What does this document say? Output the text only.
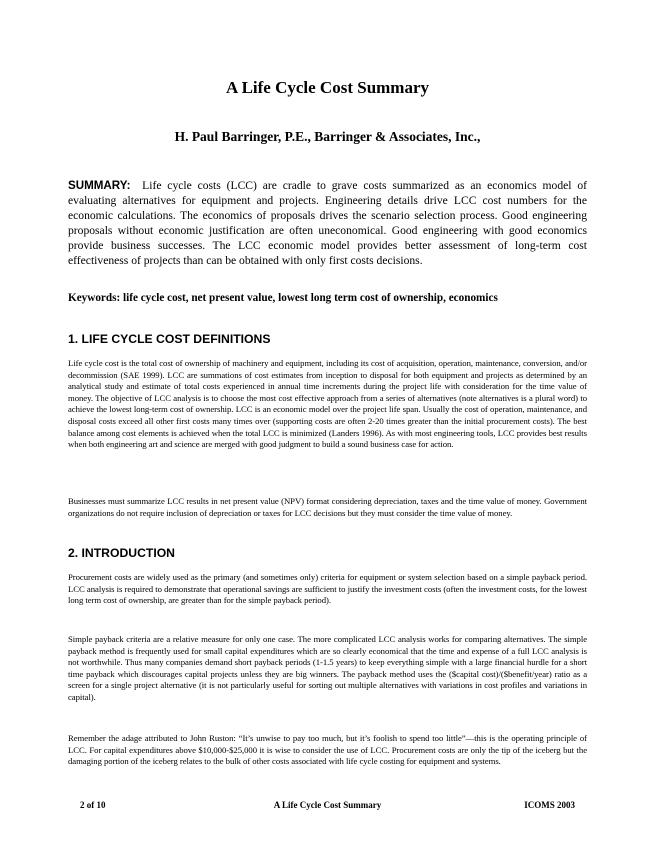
A Life Cycle Cost Summary
H. Paul Barringer, P.E., Barringer & Associates, Inc.,

SUMMARY: Life cycle costs (LCC) are cradle to grave costs summarized as an economics model of evaluating alternatives for equipment and projects. Engineering details drive LCC cost numbers for the economic calculations. The economics of proposals drives the scenario selection process. Good engineering proposals without economic justification are often uneconomical. Good engineering with good economics provide business successes. The LCC economic model provides better assessment of long-term cost effectiveness of projects than can be obtained with only first costs decisions.

Keywords: life cycle cost, net present value, lowest long term cost of ownership, economics

1. LIFE CYCLE COST DEFINITIONS

Life cycle cost is the total cost of ownership of machinery and equipment, including its cost of acquisition, operation, maintenance, conversion, and/or decommission (SAE 1999). LCC are summations of cost estimates from inception to disposal for both equipment and projects as determined by an analytical study and estimate of total costs experienced in annual time increments during the project life with consideration for the time value of money. The objective of LCC analysis is to choose the most cost effective approach from a series of alternatives (note alternatives is a plural word) to achieve the lowest long-term cost of ownership. LCC is an economic model over the project life span. Usually the cost of operation, maintenance, and disposal costs exceed all other first costs many times over (supporting costs are often 2-20 times greater than the initial procurement costs). The best balance among cost elements is achieved when the total LCC is minimized (Landers 1996). As with most engineering tools, LCC provides best results when both engineering art and science are merged with good judgment to build a sound business case for action.

Businesses must summarize LCC results in net present value (NPV) format considering depreciation, taxes and the time value of money. Government organizations do not require inclusion of depreciation or taxes for LCC decisions but they must consider the time value of money.

2. INTRODUCTION

Procurement costs are widely used as the primary (and sometimes only) criteria for equipment or system selection based on a simple payback period. LCC analysis is required to demonstrate that operational savings are sufficient to justify the investment costs (often the investment costs, for the lowest long term cost of ownership, are greater than for the simple payback period).

Simple payback criteria are a relative measure for only one case. The more complicated LCC analysis works for comparing alternatives. The simple payback method is frequently used for small capital expenditures which are so clearly economical that the time and expense of a full LCC analysis is not worthwhile. Thus many companies demand short payback periods (1-1.5 years) to keep everything simple with a large financial hurdle for a short time payback which discourages capital projects unless they are big winners. The payback method uses the ($capital cost)/($benefit/year) ratio as a screen for a single project alternative (it is not particularly useful for sorting out multiple alternatives with variations in cost profiles and variations in capital).

Remember the adage attributed to John Ruston: “It’s unwise to pay too much, but it’s foolish to spend too little”—this is the operating principle of LCC. For capital expenditures above $10,000-$25,000 it is wise to consider the use of LCC. Procurement costs are only the tip of the iceberg but the damaging portion of the iceberg relates to the bulk of other costs associated with life cycle costing for equipment and systems.

2 of 10	A Life Cycle Cost Summary	ICOMS 2003
